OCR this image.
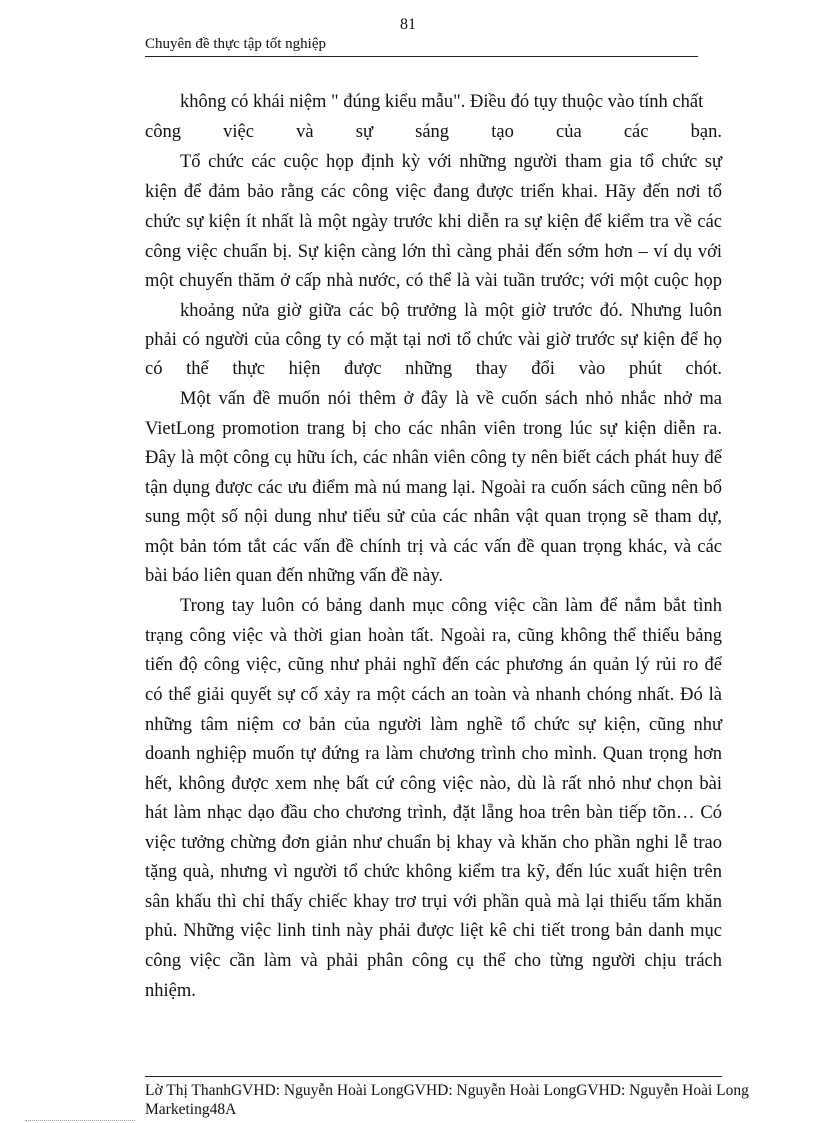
81
Chuyên đề thực tập tốt nghiệp
không có khái niệm " đúng kiểu mẫu". Điều đó tụy thuộc vào tính chất
công việc và sự sáng tạo của các bạn.
Tổ chức các cuộc họp định kỳ với những người tham gia tổ chức sự
kiện để đảm bảo rằng các công việc đang được triển khai. Hãy đến nơi tổ
chức sự kiện ít nhất là một ngày trước khi diễn ra sự kiện để kiểm tra về các
công việc chuẩn bị. Sự kiện càng lớn thì càng phải đến sớm hơn – ví dụ với
một chuyến thăm ở cấp nhà nước, có thể là vài tuần trước; với một cuộc họp
khoảng nửa giờ giữa các bộ trưởng là một giờ trước đó. Nhưng luôn
phải có người của công ty có mặt tại nơi tổ chức vài giờ trước sự kiện để họ
có thể thực hiện được những thay đổi vào phút chót.
Một vấn đề muốn nói thêm ở đây là về cuốn sách nhỏ nhắc nhở ma
VietLong promotion trang bị cho các nhân viên trong lúc sự kiện diễn ra.
Đây là một công cụ hữu ích, các nhân viên công ty nên biết cách phát huy để
tận dụng được các ưu điểm mà nú mang lại. Ngoài ra cuốn sách cũng nên bổ
sung một số nội dung như tiểu sử của các nhân vật quan trọng sẽ tham dự,
một bản tóm tắt các vấn đề chính trị và các vấn đề quan trọng khác, và các
bài báo liên quan đến những vấn đề này.
Trong tay luôn có bảng danh mục công việc cần làm để nắm bắt tình
trạng công việc và thời gian hoàn tất. Ngoài ra, cũng không thể thiếu bảng
tiến độ công việc, cũng như phải nghĩ đến các phương án quản lý rủi ro để
có thể giải quyết sự cố xảy ra một cách an toàn và nhanh chóng nhất. Đó là
những tâm niệm cơ bản của người làm nghề tổ chức sự kiện, cũng như
doanh nghiệp muốn tự đứng ra làm chương trình cho mình. Quan trọng hơn
hết, không được xem nhẹ bất cứ công việc nào, dù là rất nhỏ như chọn bài
hát làm nhạc dạo đầu cho chương trình, đặt lẵng hoa trên bàn tiếp tõn… Có
việc tưởng chừng đơn giản như chuẩn bị khay và khăn cho phần nghi lễ trao
tặng quà, nhưng vì người tổ chức không kiểm tra kỹ, đến lúc xuất hiện trên
sân khấu thì chỉ thấy chiếc khay trơ trụi với phần quà mà lại thiếu tấm khăn
phủ. Những việc linh tinh này phải được liệt kê chi tiết trong bản danh mục
công việc cần làm và phải phân công cụ thể cho từng người chịu trách
nhiệm.
Lờ Thị ThanhGVHD: Nguyễn Hoài LongGVHD: Nguyễn Hoài LongGVHD: Nguyễn Hoài Long
Marketing48A
